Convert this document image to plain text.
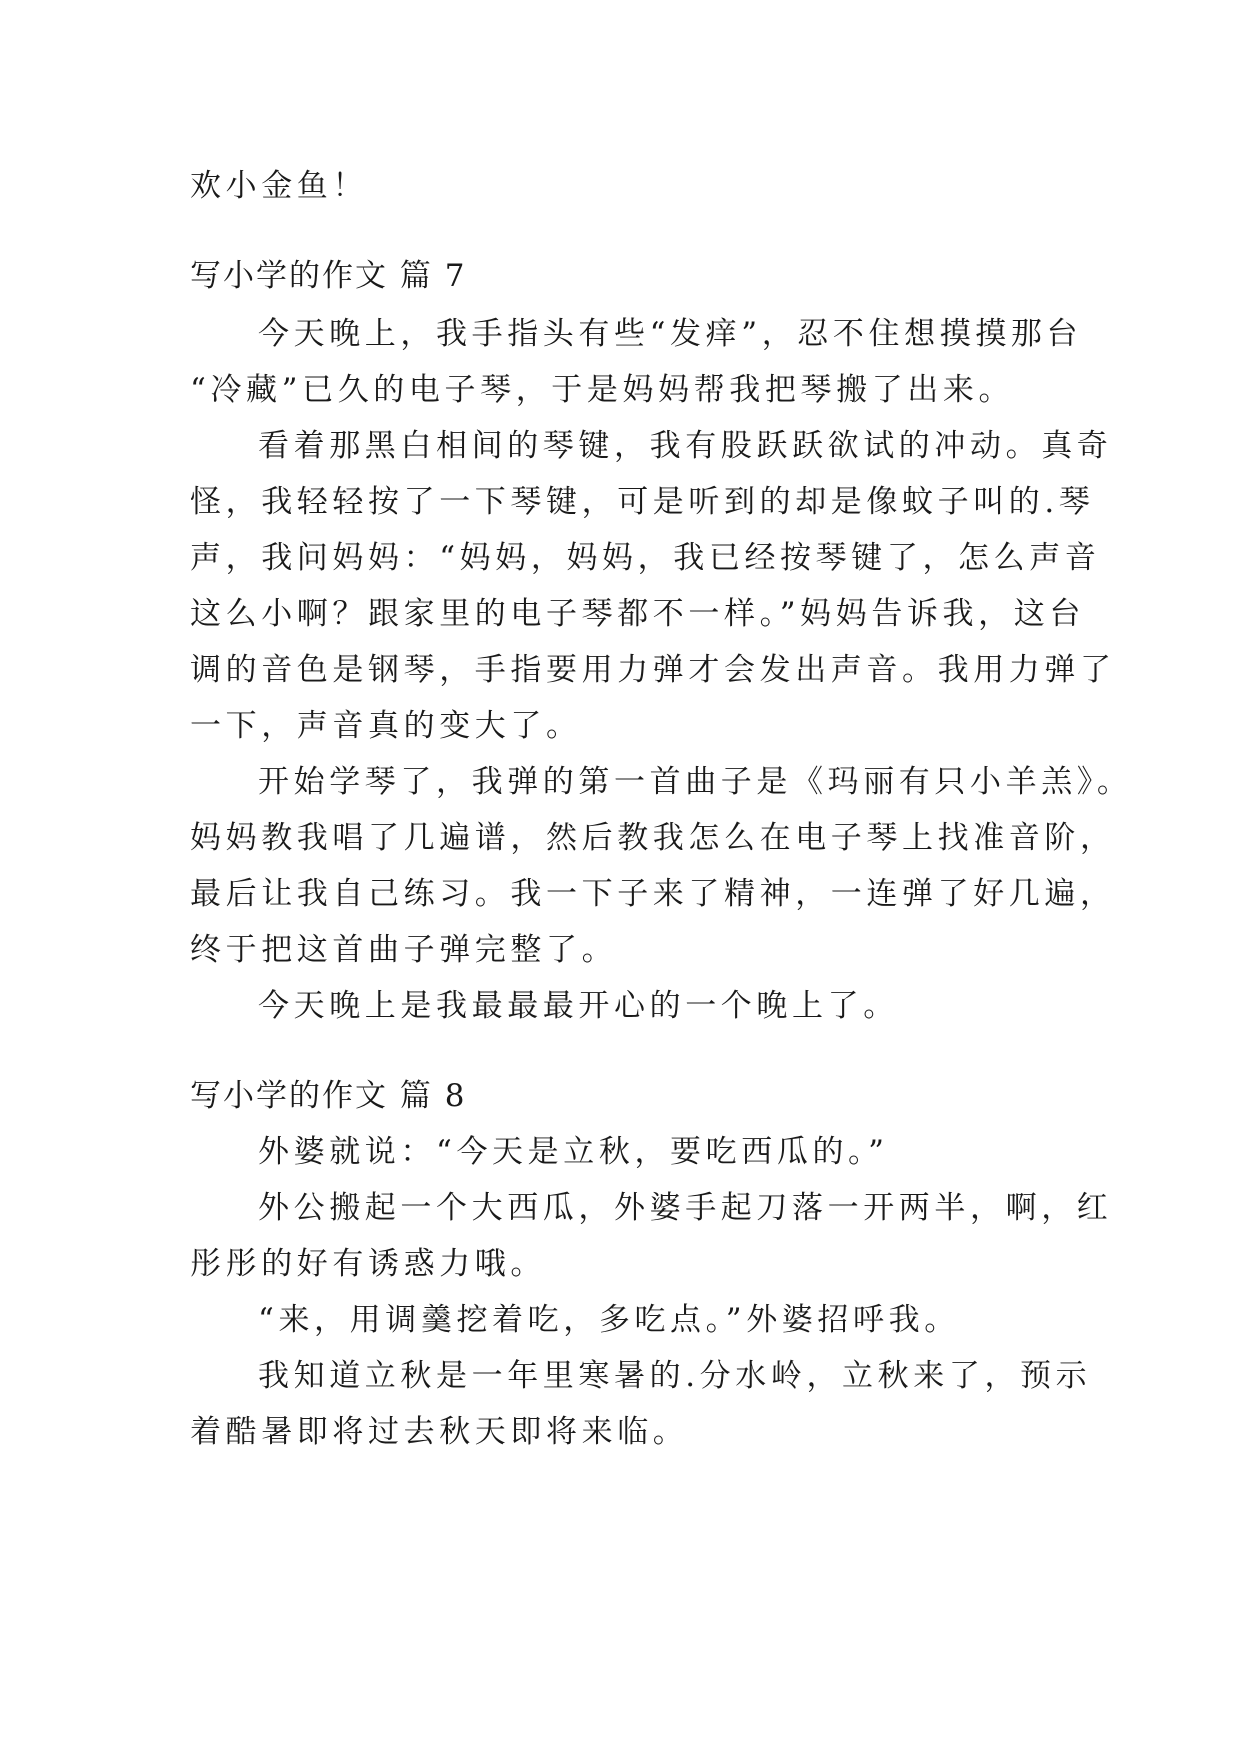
欢小金鱼！
写小学的作文 篇 7
今天晚上，我手指头有些“发痒”，忍不住想摸摸那台
“冷藏”已久的电子琴，于是妈妈帮我把琴搬了出来。
看着那黑白相间的琴键，我有股跃跃欲试的冲动。真奇
怪，我轻轻按了一下琴键，可是听到的却是像蚊子叫的.琴
声，我问妈妈：“妈妈，妈妈，我已经按琴键了，怎么声音
这么小啊？跟家里的电子琴都不一样。”妈妈告诉我，这台
调的音色是钢琴，手指要用力弹才会发出声音。我用力弹了
一下，声音真的变大了。
开始学琴了，我弹的第一首曲子是《玛丽有只小羊羔》。
妈妈教我唱了几遍谱，然后教我怎么在电子琴上找准音阶，
最后让我自己练习。我一下子来了精神，一连弹了好几遍，
终于把这首曲子弹完整了。
今天晚上是我最最最开心的一个晚上了。
写小学的作文 篇 8
外婆就说：“今天是立秋，要吃西瓜的。”
外公搬起一个大西瓜，外婆手起刀落一开两半，啊，红
彤彤的好有诱惑力哦。
“来，用调羹挖着吃，多吃点。”外婆招呼我。
我知道立秋是一年里寒暑的.分水岭，立秋来了，预示
着酷暑即将过去秋天即将来临。
